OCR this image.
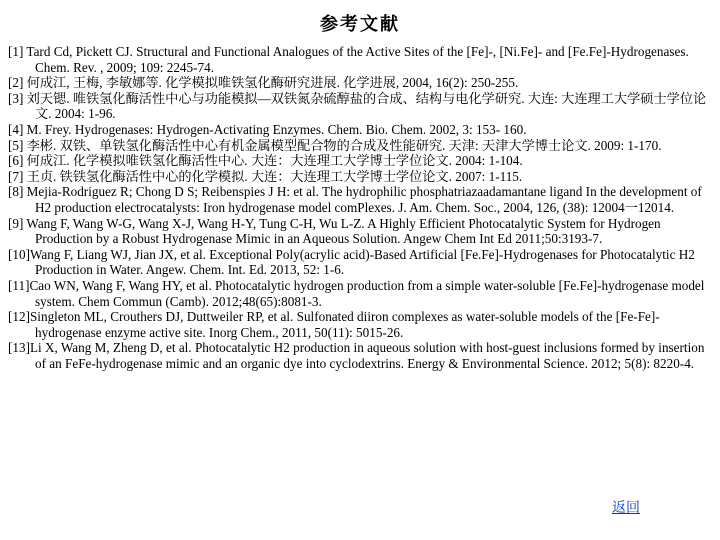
参考文献
[1] Tard Cd, Pickett CJ. Structural and Functional Analogues of the Active Sites of the [Fe]-, [Ni.Fe]- and [Fe.Fe]-Hydrogenases. Chem. Rev. , 2009; 109: 2245-74.
[2] 何成江, 王梅, 李敏娜等. 化学模拟唯铁氢化酶研究进展. 化学进展, 2004, 16(2): 250-255.
[3] 刘天锶. 唯铁氢化酶活性中心与功能模拟—双铁氮杂硫醇盐的合成、结构与电化学研究. 大连: 大连理工大学硕士学位论文. 2004: 1-96.
[4] M. Frey. Hydrogenases: Hydrogen-Activating Enzymes. Chem. Bio. Chem. 2002, 3: 153- 160.
[5] 李彬. 双铁、单铁氢化酶活性中心有机金属模型配合物的合成及性能研究. 天津: 天津大学博士论文. 2009: 1-170.
[6] 何成江. 化学模拟唯铁氢化酶活性中心. 大连：大连理工大学博士学位论文. 2004: 1-104.
[7] 王贞. 铁铁氢化酶活性中心的化学模拟. 大连：大连理工大学博士学位论文. 2007: 1-115.
[8] Mejia-Rodriguez R; Chong D S; Reibenspies J H: et al. The hydrophilic phosphatriazaadamantane ligand In the development of H2 production electrocatalysts: Iron hydrogenase model comPlexes. J. Am. Chem. Soc., 2004, 126, (38): 12004一12014.
[9] Wang F, Wang W-G, Wang X-J, Wang H-Y, Tung C-H, Wu L-Z. A Highly Efficient Photocatalytic System for Hydrogen Production by a Robust Hydrogenase Mimic in an Aqueous Solution. Angew Chem Int Ed 2011;50:3193-7.
[10]Wang F, Liang WJ, Jian JX, et al. Exceptional Poly(acrylic acid)-Based Artificial [Fe.Fe]-Hydrogenases for Photocatalytic H2 Production in Water. Angew. Chem. Int. Ed. 2013, 52: 1-6.
[11]Cao WN, Wang F, Wang HY, et al. Photocatalytic hydrogen production from a simple water-soluble [Fe.Fe]-hydrogenase model system. Chem Commun (Camb). 2012;48(65):8081-3.
[12]Singleton ML, Crouthers DJ, Duttweiler RP, et al. Sulfonated diiron complexes as water-soluble models of the [Fe-Fe]-hydrogenase enzyme active site. Inorg Chem., 2011, 50(11): 5015-26.
[13]Li X, Wang M, Zheng D, et al. Photocatalytic H2 production in aqueous solution with host-guest inclusions formed by insertion of an FeFe-hydrogenase mimic and an organic dye into cyclodextrins. Energy & Environmental Science. 2012; 5(8): 8220-4.
返回
